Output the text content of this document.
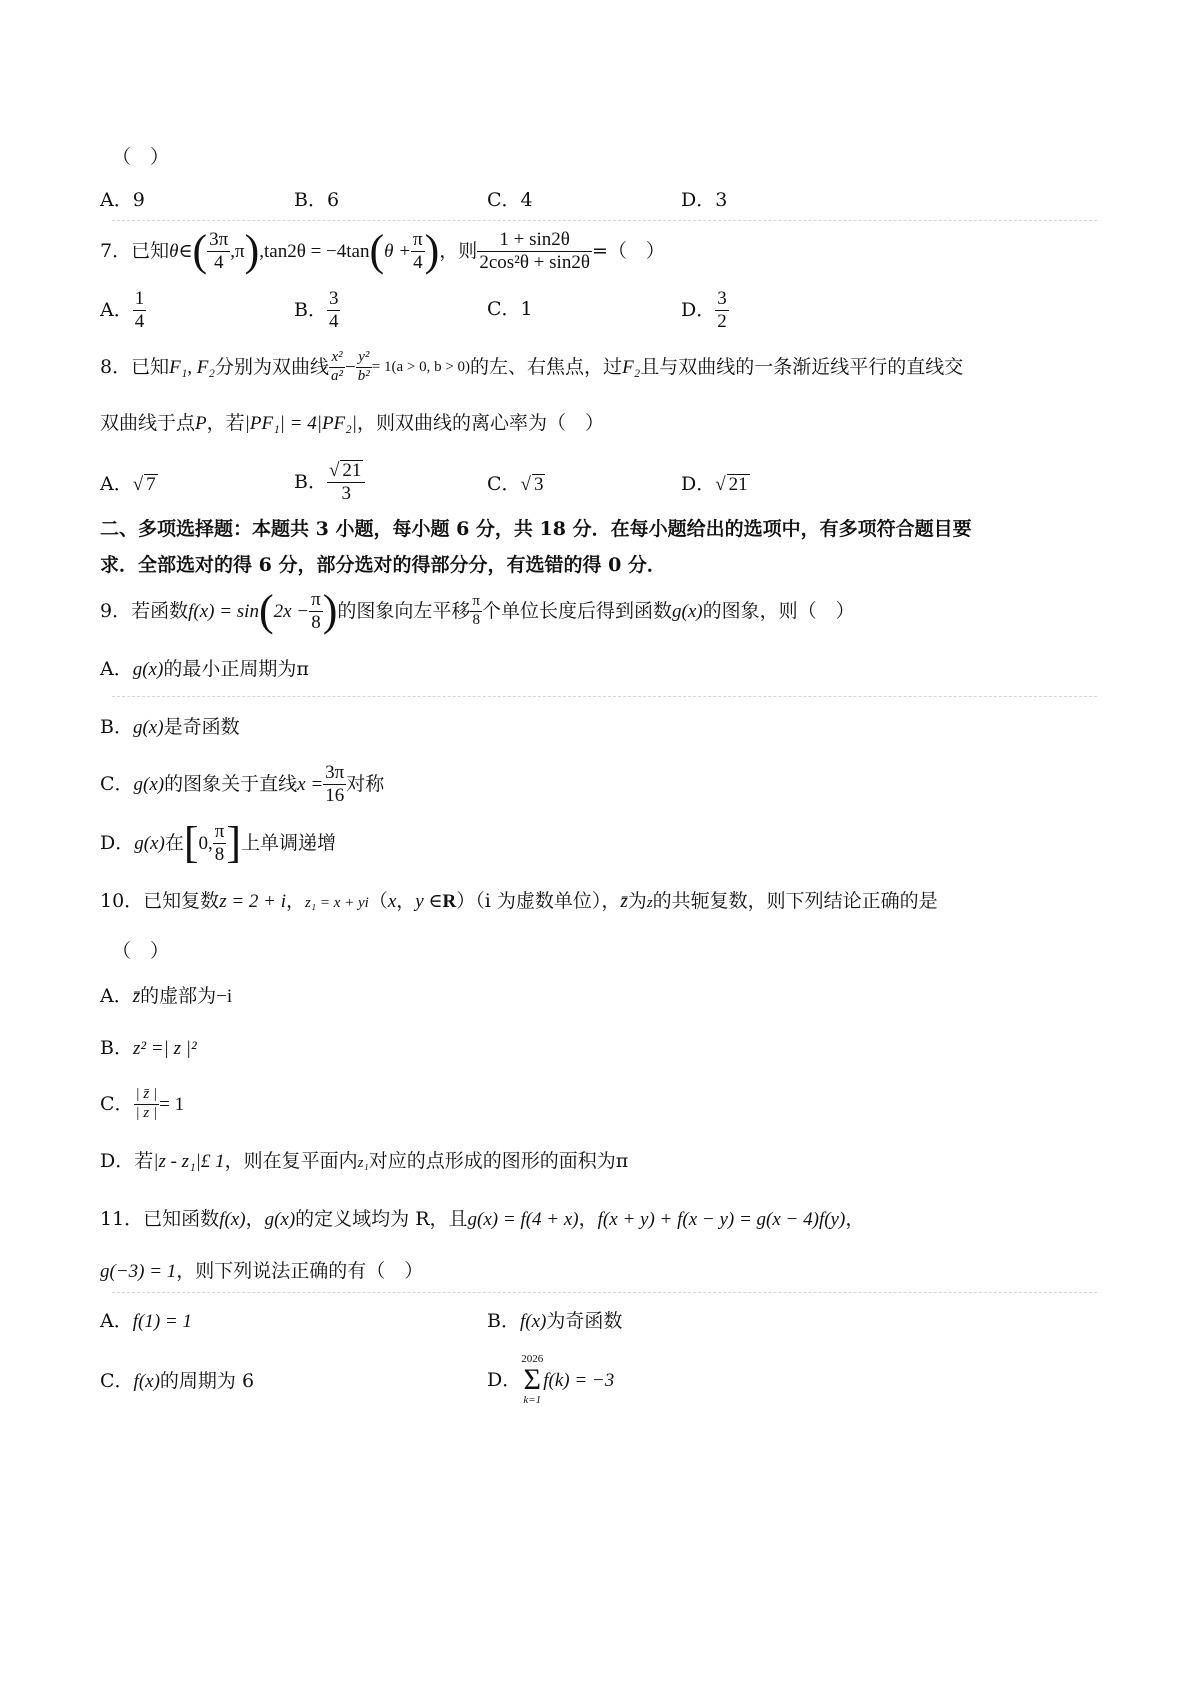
（　）
A．9	B．6	C．4	D．3
7．已知 θ ∈ ( $\frac{3\pi}{4} ,\pi$ ) ,tan2θ = −4tan ( $\theta + \frac{\pi}{4}$ ) ，则 $\frac{1 + \sin 2\theta}{\text{2cos²θ + sin2θ}}$ =（　）
A． $\frac{1}{4}$	B． $\frac{3}{4}$	C．1	D． $\frac{3}{2}$
8．已知 F₁, F₂ 分别为双曲线 $\frac{\text{x²}}{\text{a²}} - \frac{\text{y²}}{\text{b²}} = 1(a > 0$, b > 0) 的左、右焦点，过 F₂ 且与双曲线的一条渐近线平行的直线交
双曲线于点P，若|PF₁| = 4|PF₂|，则双曲线的离心率为（　）
A．√ 7	B． $\frac{√ 21}{3}$	C．√ 3	D．√ 21
二、多项选择题：本题共 3 小题，每小题 6 分，共 18 分．在每小题给出的选项中，有多项符合题目要
求．全部选对的得 6 分，部分选对的得部分分，有选错的得 0 分．
9．若函数 f(x) = sin ( $2x - \frac{\pi}{8}$ ) 的图象向左平移 $\frac{\pi}{8}$ 个单位长度后得到函数 g(x) 的图象，则（　）
A．g(x)的最小正周期为π
B．g(x)是奇函数
C． g(x) 的图象关于直线 $x = \frac{3\pi}{16}$ 对称
D． g(x) 在 [ 0, $\frac{\pi}{8}$ ] 上单调递增
10．已知复数z = 2 + i，z₁ = x + yi（x，y ∈R）（i 为虚数单位），z̄为z的共轭复数，则下列结论正确的是
（　）
A．z̄的虚部为−i
B．z² =| z |²
C． $\frac{| z̄ |}{| z |} = 1$
D．若|z - z₁|£ 1，则在复平面内z₁对应的点形成的图形的面积为π
11．已知函数f(x)，g(x)的定义域均为 R，且g(x) = f(4 + x)，f(x + y) + f(x − y) = g(x − 4)f(y)，
g(−3) = 1，则下列说法正确的有（　）
A．f(1) = 1	B．f(x)为奇函数
C．f(x)的周期为 6	D．
2026
Σ
k=1
f(k) = −3
